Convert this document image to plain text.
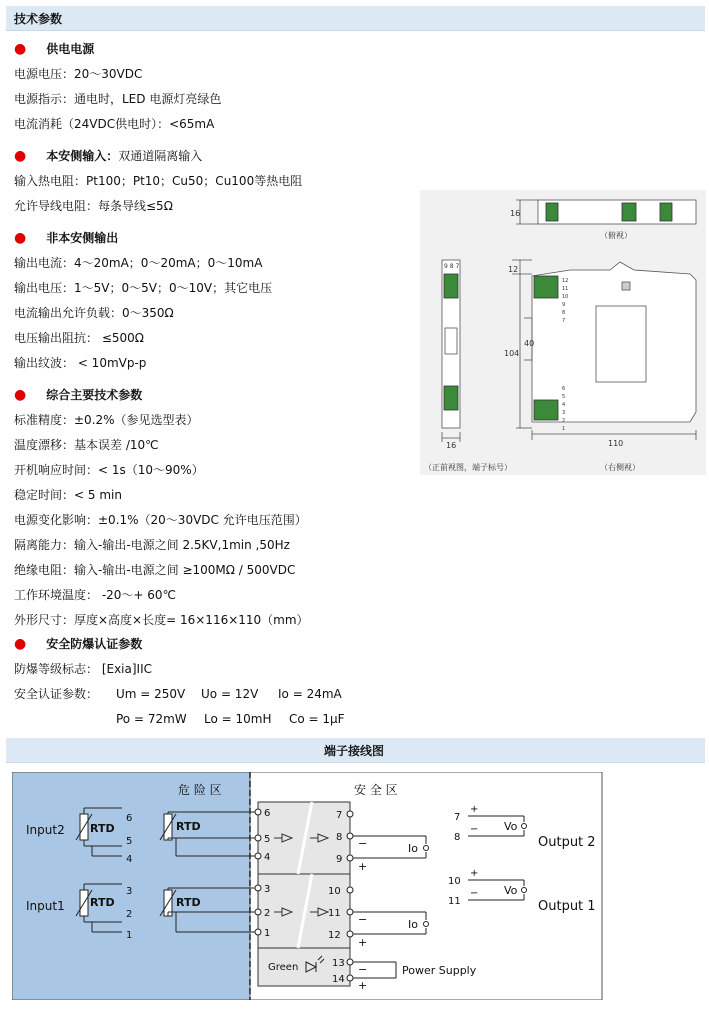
技术参数
● 供电电源
电源电压：20～30VDC
电源指示：通电时，LED 电源灯亮绿色
电流消耗（24VDC供电时）：<65mA
● 本安侧输入：双通道隔离输入
输入热电阻：Pt100；Pt10；Cu50；Cu100等热电阻
允许导线电阻：每条导线≤5Ω
● 非本安侧输出
输出电流：4～20mA；0～20mA；0～10mA
输出电压：1～5V；0～5V；0～10V；其它电压
电流输出允许负载：0～350Ω
电压输出阻抗： ≤500Ω
输出纹波： < 10mVp-p
● 综合主要技术参数
标准精度：±0.2%（参见选型表）
温度漂移：基本误差 /10℃
开机响应时间：< 1s（10～90%）
稳定时间：< 5 min
电源变化影响：±0.1%（20～30VDC 允许电压范围）
隔离能力：输入-输出-电源之间 2.5KV,1min ,50Hz
绝缘电阻：输入-输出-电源之间 ≥100MΩ / 500VDC
工作环境温度： -20～+ 60℃
外形尺寸：厚度×高度×长度= 16×116×110（mm）
● 安全防爆认证参数
防爆等级标志： [Exia]IIC
安全认证参数： Um = 250V Uo = 12V Io = 24mA
Po = 72mW Lo = 10mH Co = 1μF
16
（俯视）
9 8 7
16
（正前视图，端子标号）
12
104
40
110
（右侧视）
12
11
10
9
8
7
6
5
4
3
2
1
端子接线图
危 险 区	安 全 区
Input2
Input1
RTD
RTD
6
5
4
3
2
1
RTD
RTD
6
5
4
3
2
1
7
8
9
10
11
12
13
14
−
+
−
+
−
+
Io
Io
7
8
10
11
+
−
+
−
Vo
Vo
Output 2
Output 1
Power Supply
Green
